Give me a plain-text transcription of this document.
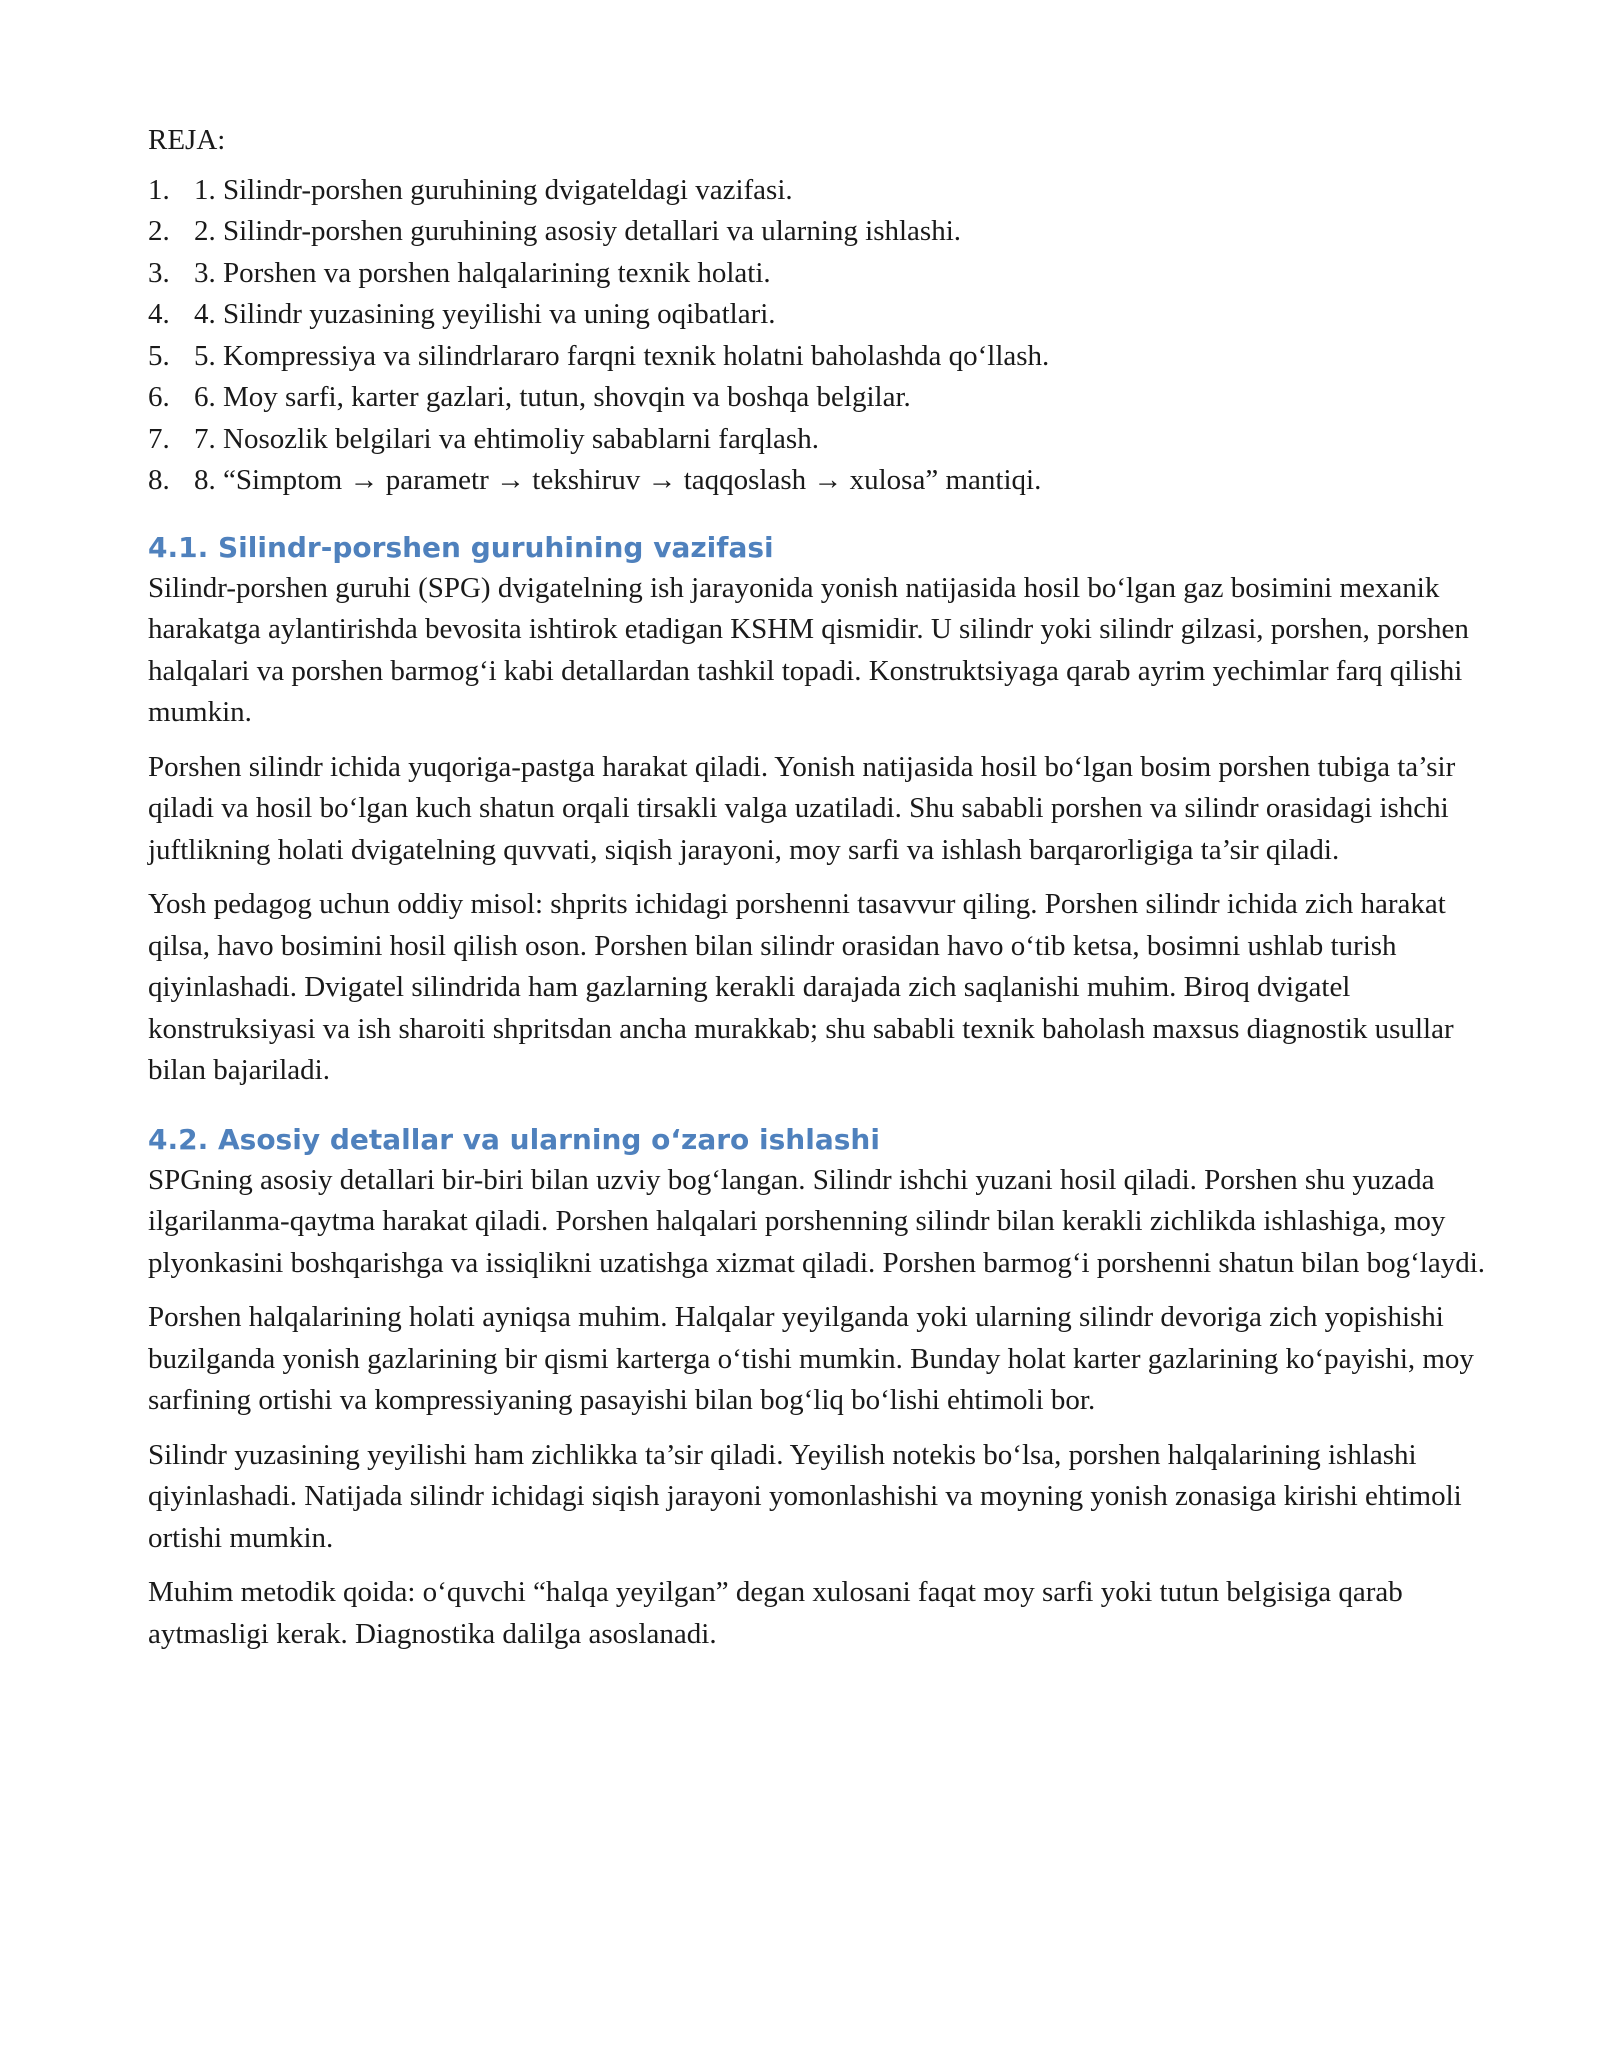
REJA:
1. 1. Silindr-porshen guruhining dvigateldagi vazifasi.
2. 2. Silindr-porshen guruhining asosiy detallari va ularning ishlashi.
3. 3. Porshen va porshen halqalarining texnik holati.
4. 4. Silindr yuzasining yeyilishi va uning oqibatlari.
5. 5. Kompressiya va silindrlararo farqni texnik holatni baholashda qo‘llash.
6. 6. Moy sarfi, karter gazlari, tutun, shovqin va boshqa belgilar.
7. 7. Nosozlik belgilari va ehtimoliy sabablarni farqlash.
8. 8. “Simptom → parametr → tekshiruv → taqqoslash → xulosa” mantiqi.
4.1. Silindr-porshen guruhining vazifasi

Silindr-porshen guruhi (SPG) dvigatelning ish jarayonida yonish natijasida hosil bo‘lgan gaz bosimini mexanik harakatga aylantirishda bevosita ishtirok etadigan KSHM qismidir. U silindr yoki silindr gilzasi, porshen, porshen halqalari va porshen barmog‘i kabi detallardan tashkil topadi. Konstruktsiyaga qarab ayrim yechimlar farq qilishi mumkin.

Porshen silindr ichida yuqoriga-pastga harakat qiladi. Yonish natijasida hosil bo‘lgan bosim porshen tubiga ta’sir qiladi va hosil bo‘lgan kuch shatun orqali tirsakli valga uzatiladi. Shu sababli porshen va silindr orasidagi ishchi juftlikning holati dvigatelning quvvati, siqish jarayoni, moy sarfi va ishlash barqarorligiga ta’sir qiladi.

Yosh pedagog uchun oddiy misol: shprits ichidagi porshenni tasavvur qiling. Porshen silindr ichida zich harakat qilsa, havo bosimini hosil qilish oson. Porshen bilan silindr orasidan havo o‘tib ketsa, bosimni ushlab turish qiyinlashadi. Dvigatel silindrida ham gazlarning kerakli darajada zich saqlanishi muhim. Biroq dvigatel konstruksiyasi va ish sharoiti shpritsdan ancha murakkab; shu sababli texnik baholash maxsus diagnostik usullar bilan bajariladi.

4.2. Asosiy detallar va ularning o‘zaro ishlashi

SPGning asosiy detallari bir-biri bilan uzviy bog‘langan. Silindr ishchi yuzani hosil qiladi. Porshen shu yuzada ilgarilanma-qaytma harakat qiladi. Porshen halqalari porshenning silindr bilan kerakli zichlikda ishlashiga, moy plyonkasini boshqarishga va issiqlikni uzatishga xizmat qiladi. Porshen barmog‘i porshenni shatun bilan bog‘laydi.

Porshen halqalarining holati ayniqsa muhim. Halqalar yeyilganda yoki ularning silindr devoriga zich yopishishi buzilganda yonish gazlarining bir qismi karterga o‘tishi mumkin. Bunday holat karter gazlarining ko‘payishi, moy sarfining ortishi va kompressiyaning pasayishi bilan bog‘liq bo‘lishi ehtimoli bor.

Silindr yuzasining yeyilishi ham zichlikka ta’sir qiladi. Yeyilish notekis bo‘lsa, porshen halqalarining ishlashi qiyinlashadi. Natijada silindr ichidagi siqish jarayoni yomonlashishi va moyning yonish zonasiga kirishi ehtimoli ortishi mumkin.

Muhim metodik qoida: o‘quvchi “halqa yeyilgan” degan xulosani faqat moy sarfi yoki tutun belgisiga qarab aytmasligi kerak. Diagnostika dalilga asoslanadi.
